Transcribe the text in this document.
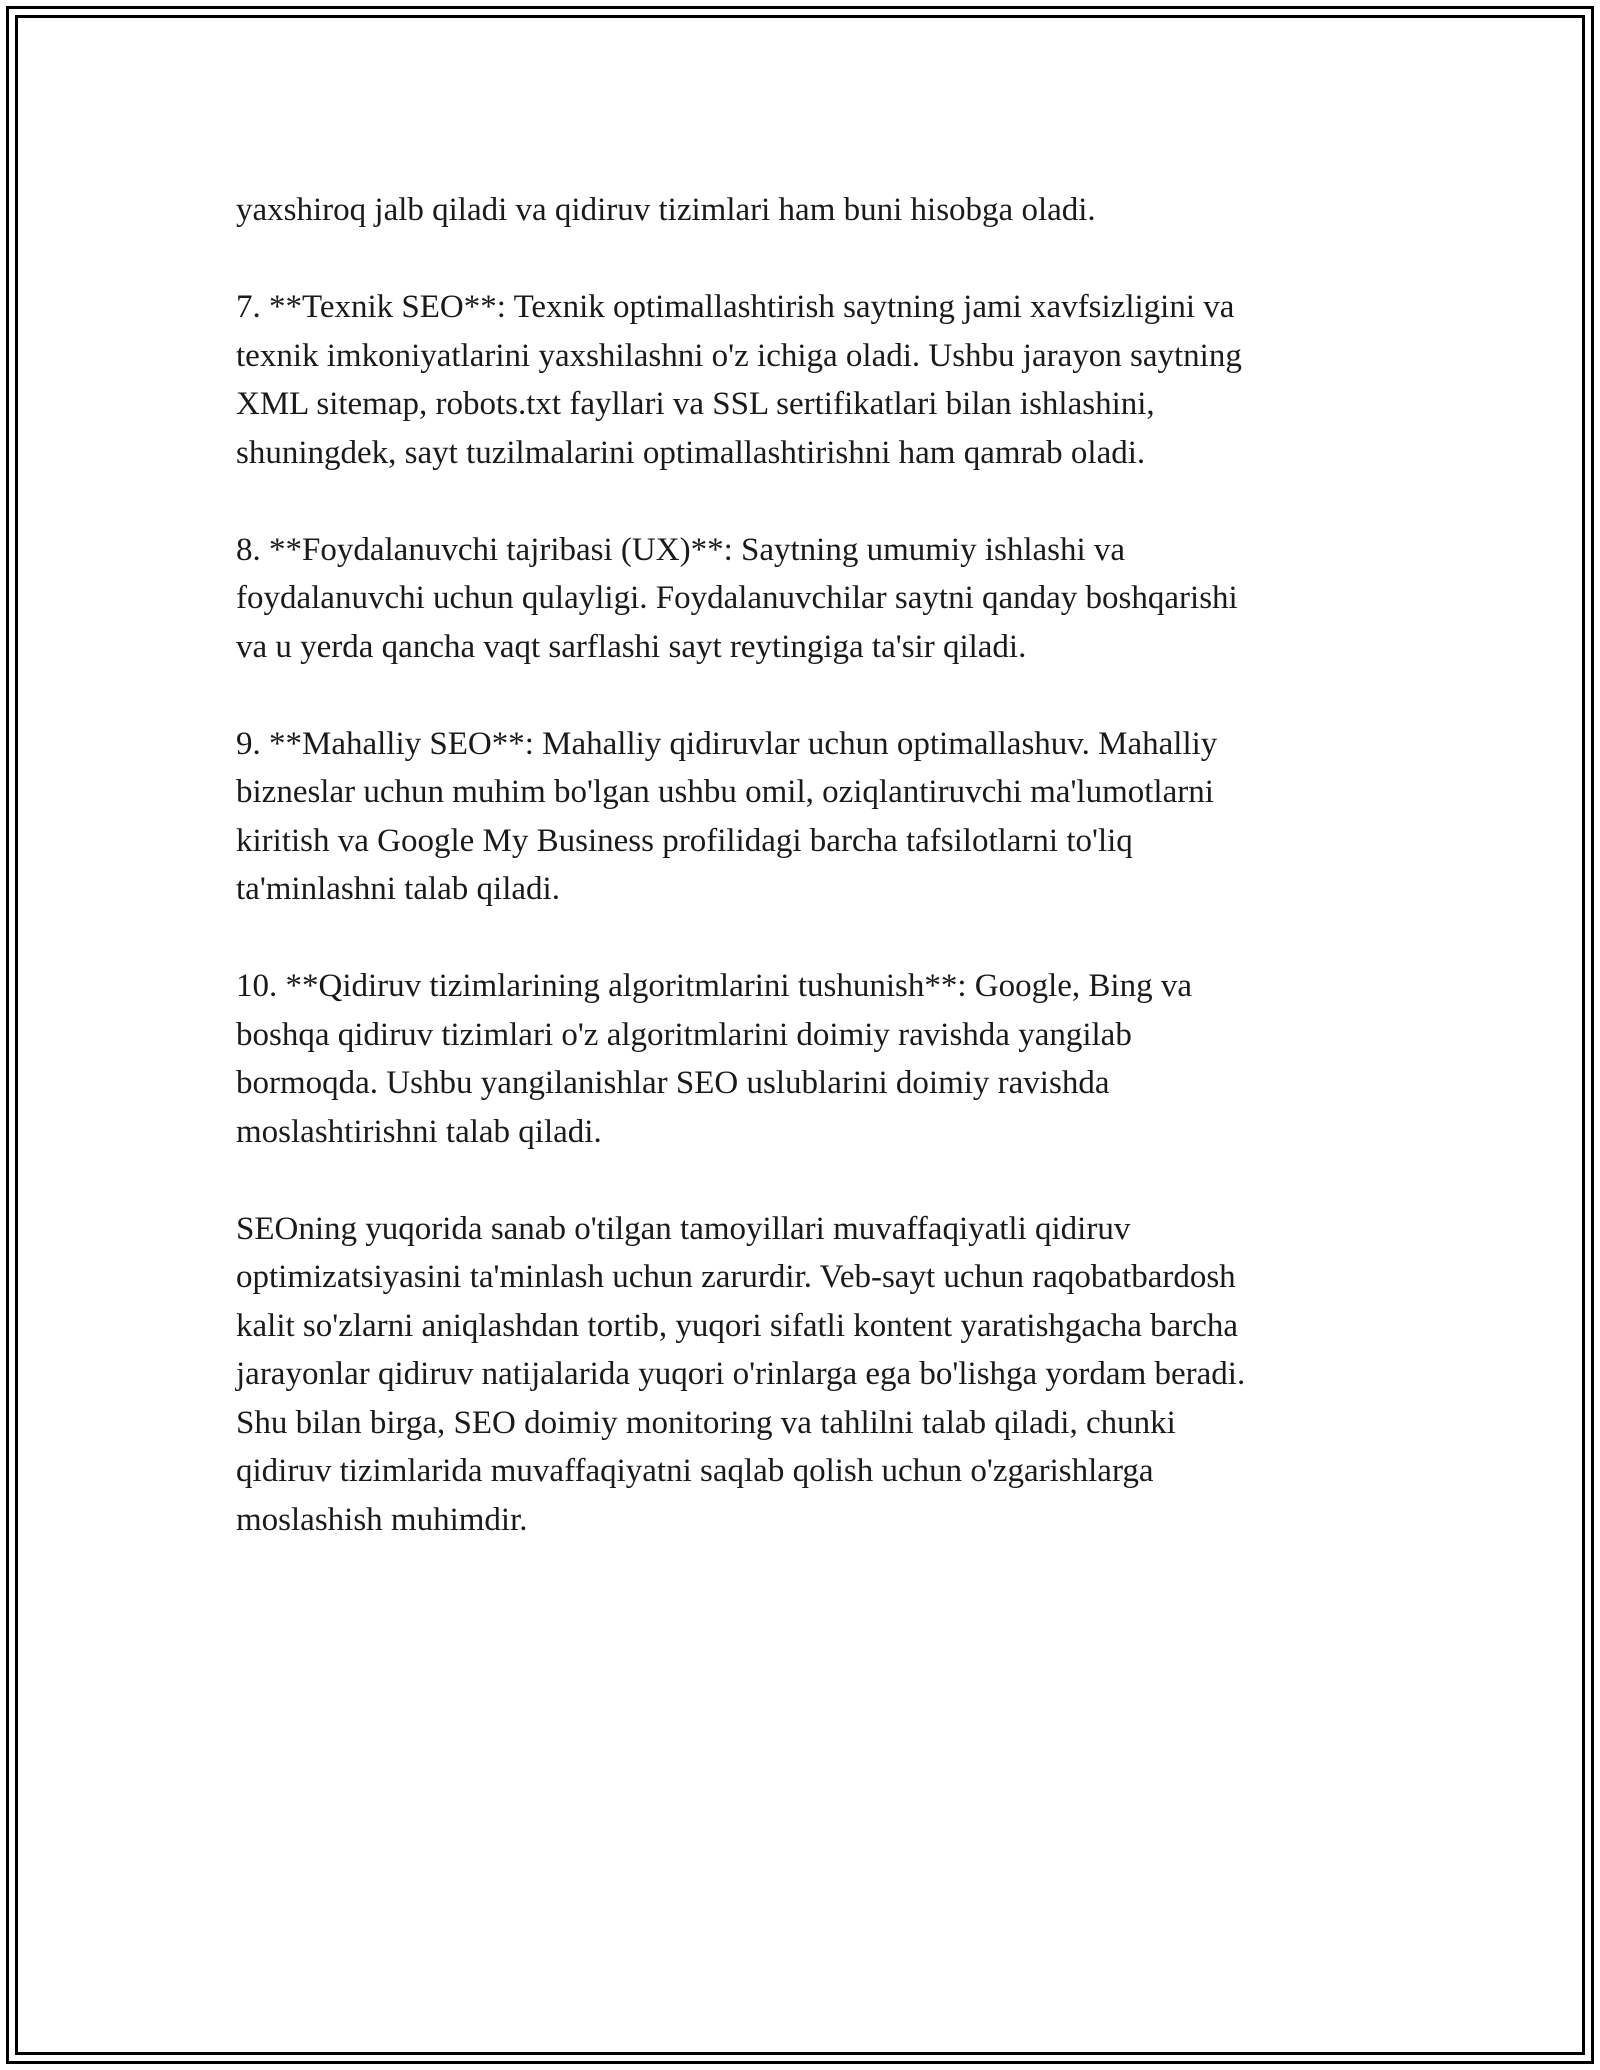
yaxshiroq jalb qiladi va qidiruv tizimlari ham buni hisobga oladi.

7. **Texnik SEO**: Texnik optimallashtirish saytning jami xavfsizligini va
texnik imkoniyatlarini yaxshilashni o'z ichiga oladi. Ushbu jarayon saytning
XML sitemap, robots.txt fayllari va SSL sertifikatlari bilan ishlashini,
shuningdek, sayt tuzilmalarini optimallashtirishni ham qamrab oladi.

8. **Foydalanuvchi tajribasi (UX)**: Saytning umumiy ishlashi va
foydalanuvchi uchun qulayligi. Foydalanuvchilar saytni qanday boshqarishi
va u yerda qancha vaqt sarflashi sayt reytingiga ta'sir qiladi.

9. **Mahalliy SEO**: Mahalliy qidiruvlar uchun optimallashuv. Mahalliy
bizneslar uchun muhim bo'lgan ushbu omil, oziqlantiruvchi ma'lumotlarni
kiritish va Google My Business profilidagi barcha tafsilotlarni to'liq
ta'minlashni talab qiladi.

10. **Qidiruv tizimlarining algoritmlarini tushunish**: Google, Bing va
boshqa qidiruv tizimlari o'z algoritmlarini doimiy ravishda yangilab
bormoqda. Ushbu yangilanishlar SEO uslublarini doimiy ravishda
moslashtirishni talab qiladi.

SEOning yuqorida sanab o'tilgan tamoyillari muvaffaqiyatli qidiruv
optimizatsiyasini ta'minlash uchun zarurdir. Veb-sayt uchun raqobatbardosh
kalit so'zlarni aniqlashdan tortib, yuqori sifatli kontent yaratishgacha barcha
jarayonlar qidiruv natijalarida yuqori o'rinlarga ega bo'lishga yordam beradi.
Shu bilan birga, SEO doimiy monitoring va tahlilni talab qiladi, chunki
qidiruv tizimlarida muvaffaqiyatni saqlab qolish uchun o'zgarishlarga
moslashish muhimdir.
